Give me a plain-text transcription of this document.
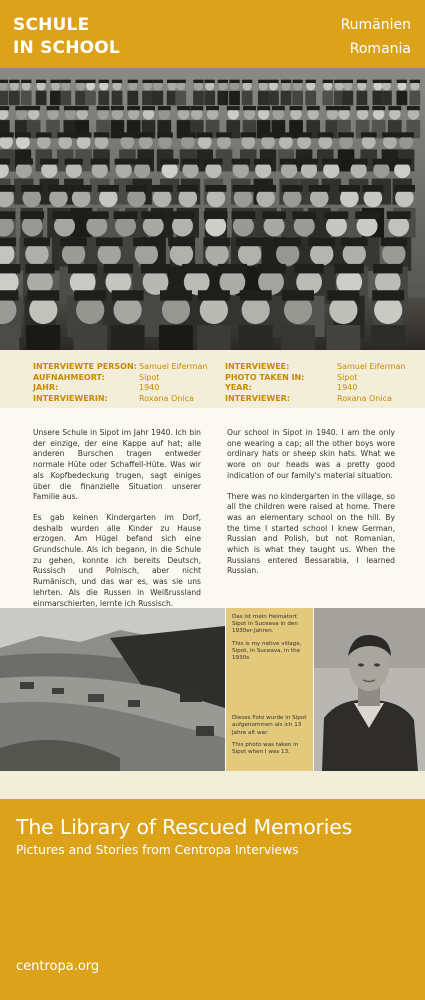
SCHULE
IN SCHOOL
Rumänien
Romania
INTERVIEWTE PERSON: Samuel Eiferman
AUFNAHMEORT:	Sipot
JAHR:	1940
INTERVIEWERIN:	Roxana Onica
INTERVIEWEE:	Samuel Eiferman
PHOTO TAKEN IN:	Sipot
YEAR:	1940
INTERVIEWER:	Roxana Onica

Unsere Schule in Sipot im Jahr 1940. Ich bin der einzige, der eine Kappe auf hat; alle anderen Burschen tragen entweder normale Hüte oder Schaffell-Hüte. Was wir als Kopfbedeckung trugen, sagt einiges über die finanzielle Situation unserer Familie aus.

Es gab keinen Kindergarten im Dorf, deshalb wurden alle Kinder zu Hause erzogen. Am Hügel befand sich eine Grundschule. Als ich begann, in die Schule zu gehen, konnte ich bereits Deutsch, Russisch und Polnisch, aber nicht Rumänisch, und das war es, was sie uns lehrten. Als die Russen in Weißrussland einmarschierten, lernte ich Russisch.

Our school in Sipot in 1940. I am the only one wearing a cap; all the other boys wore ordinary hats or sheep skin hats. What we wore on our heads was a pretty good indication of our family's material situation.

There was no kindergarten in the village, so all the children were raised at home. There was an elementary school on the hill. By the time I started school I knew German, Russian and Polish, but not Romanian, which is what they taught us. When the Russians entered Bessarabia, I learned Russian.

Das ist mein Heimatort Sipot in Suceava in den 1930er-Jahren.

This is my native village, Sipot, in Suceava, in the 1930s

Dieses Foto wurde in Sipot aufgenommen als ich 13 Jahre alt war.

This photo was taken in Sipot when I was 13.

The Library of Rescued Memories
Pictures and Stories from Centropa Interviews
centropa.org
